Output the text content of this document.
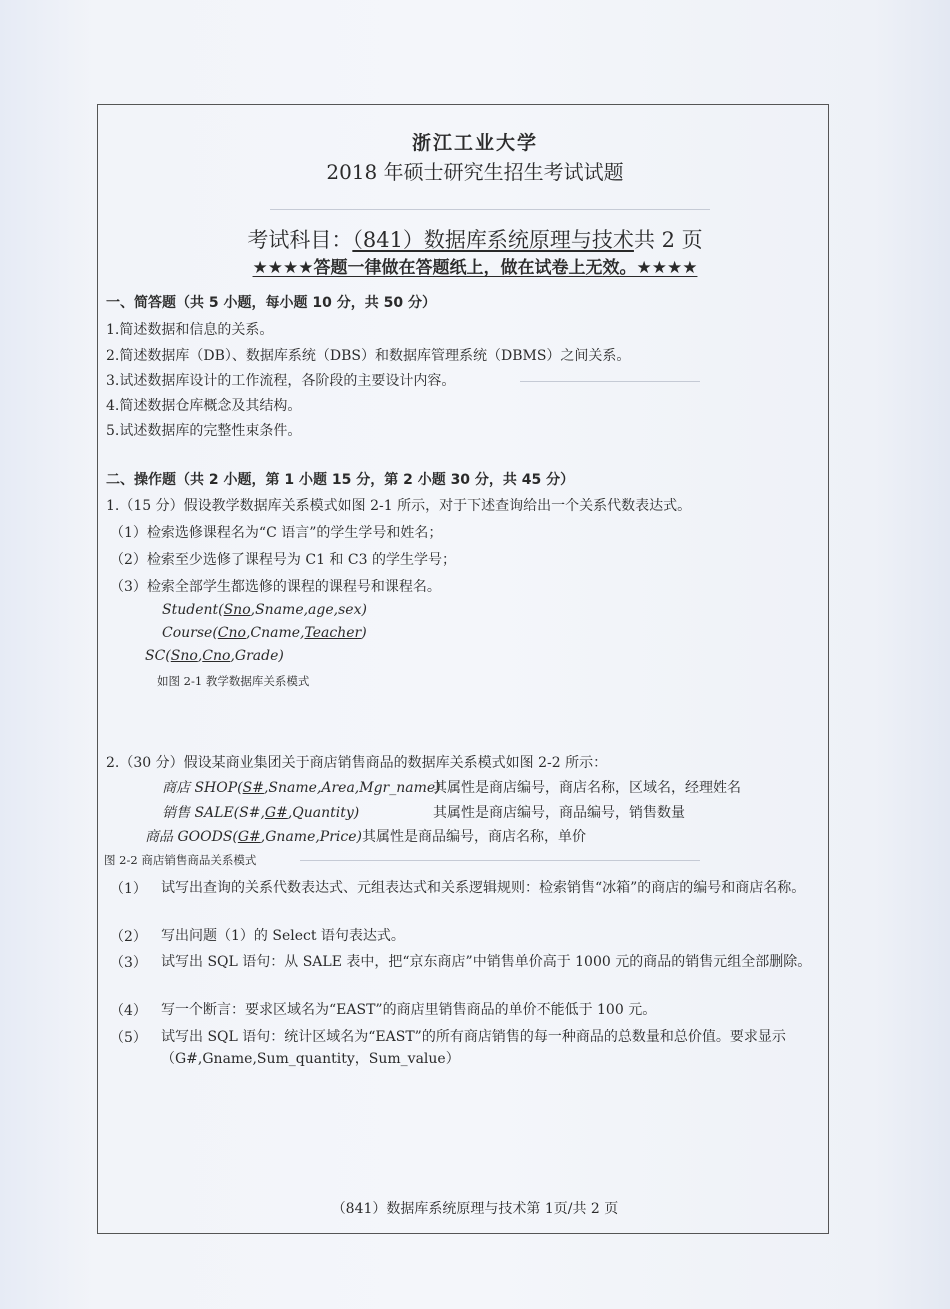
浙江工业大学
2018 年硕士研究生招生考试试题
考试科目：（841）数据库系统原理与技术共 2 页
★★★★答题一律做在答题纸上，做在试卷上无效。★★★★
一、简答题（共 5 小题，每小题 10 分，共 50 分）
1.简述数据和信息的关系。
2.简述数据库（DB）、数据库系统（DBS）和数据库管理系统（DBMS）之间关系。
3.试述数据库设计的工作流程，各阶段的主要设计内容。
4.简述数据仓库概念及其结构。
5.试述数据库的完整性束条件。
二、操作题（共 2 小题，第 1 小题 15 分，第 2 小题 30 分，共 45 分）
1.（15 分）假设教学数据库关系模式如图 2-1 所示，对于下述查询给出一个关系代数表达式。
（1）检索选修课程名为“C 语言”的学生学号和姓名；
（2）检索至少选修了课程号为 C1 和 C3 的学生学号；
（3）检索全部学生都选修的课程的课程号和课程名。
Student(Sno,Sname,age,sex)
Course(Cno,Cname,Teacher)
SC(Sno,Cno,Grade)
如图 2-1 教学数据库关系模式
2.（30 分）假设某商业集团关于商店销售商品的数据库关系模式如图 2-2 所示：
商店 SHOP(S#,Sname,Area,Mgr_name)
其属性是商店编号，商店名称，区域名，经理姓名
销售 SALE(S#,G#,Quantity)	其属性是商店编号，商品编号，销售数量
商品 GOODS(G#,Gname,Price) 其属性是商品编号，商店名称，单价
图 2-2 商店销售商品关系模式
（1） 试写出查询的关系代数表达式、元组表达式和关系逻辑规则：检索销售“冰箱”的商店的编号和商店名称。
（2） 写出问题（1）的 Select 语句表达式。
（3） 试写出 SQL 语句：从 SALE 表中，把“京东商店”中销售单价高于 1000 元的商品的销售元组全部删除。
（4） 写一个断言：要求区域名为“EAST”的商店里销售商品的单价不能低于 100 元。
（5） 试写出 SQL 语句：统计区域名为“EAST”的所有商店销售的每一种商品的总数量和总价值。要求显示（G#,Gname,Sum_quantity，Sum_value）
（841）数据库系统原理与技术第 1页/共 2 页
